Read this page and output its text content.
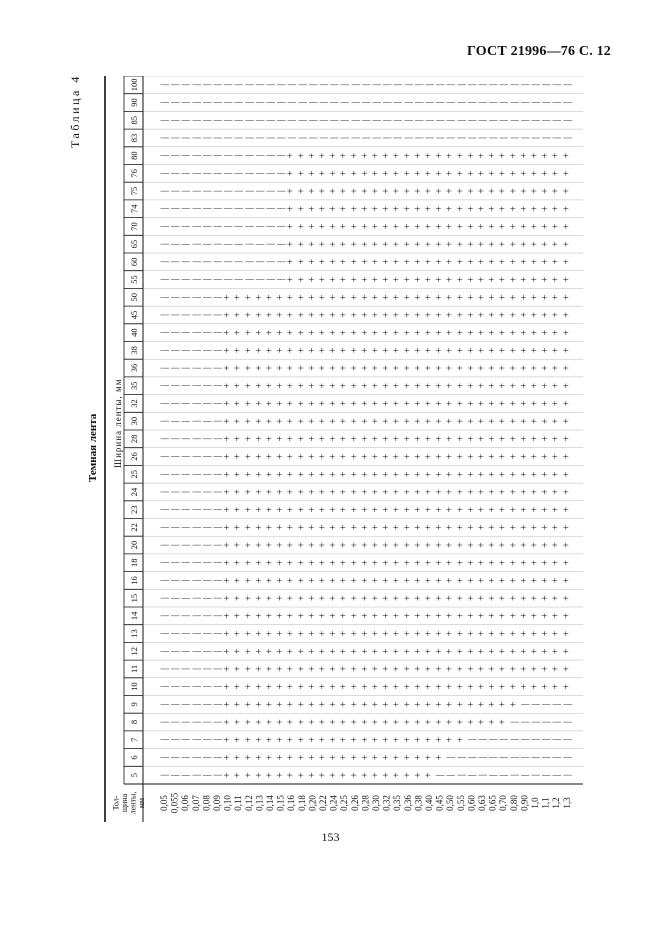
ГОСТ 21996—76 С. 12
Таблица 4
Темная лента Ширина ленты, мм
5
6
7
8
9
10
11
12
13
14
15
16
18
20
22
23
24
25
26
28
30
32
35
36
38
40
45
50
55
60
65
70
74
75
76
80
83
85
90
100
Тол- щина ленты, мм 0,05 0,055 0,06 0,07 0,08 0,09 0,10 0,11 0,12 0,13 0,14 0,15 0,16 0,18 0,20 0,22 0,24 0,25 0,26 0,28 0,30 0,32 0,35 0,36 0,38 0,40 0,45 0,50 0,55 0,60 0,63 0,65 0,70 0,80 0,90 1,0 1,1 1,2 1,3
| | | | | | + + + + + + + + + + + + + + + + + + + + | | | | | | | | | | | | |
| | | | | | + + + + + + + + + + + + + + + + + + + + + | | | | | | | | | | | |
| | | | | | + + + + + + + + + + + + + + + + + + + + + + + | | | | | | | | | |
| | | | | | + + + + + + + + + + + + + + + + + + + + + + + + + + + | | | | | |
| | | | | | + + + + + + + + + + + + + + + + + + + + + + + + + + + + | | | | |
| | | | | | + + + + + + + + + + + + + + + + + + + + + + + + + + + + + + + + +
| | | | | | + + + + + + + + + + + + + + + + + + + + + + + + + + + + + + + + +
| | | | | | + + + + + + + + + + + + + + + + + + + + + + + + + + + + + + + + +
| | | | | | + + + + + + + + + + + + + + + + + + + + + + + + + + + + + + + + +
| | | | | | + + + + + + + + + + + + + + + + + + + + + + + + + + + + + + + + +
| | | | | | + + + + + + + + + + + + + + + + + + + + + + + + + + + + + + + + +
| | | | | | + + + + + + + + + + + + + + + + + + + + + + + + + + + + + + + + +
| | | | | | + + + + + + + + + + + + + + + + + + + + + + + + + + + + + + + + +
| | | | | | + + + + + + + + + + + + + + + + + + + + + + + + + + + + + + + + +
| | | | | | + + + + + + + + + + + + + + + + + + + + + + + + + + + + + + + + +
| | | | | | + + + + + + + + + + + + + + + + + + + + + + + + + + + + + + + + +
| | | | | | + + + + + + + + + + + + + + + + + + + + + + + + + + + + + + + + +
| | | | | | + + + + + + + + + + + + + + + + + + + + + + + + + + + + + + + + +
| | | | | | + + + + + + + + + + + + + + + + + + + + + + + + + + + + + + + + +
| | | | | | + + + + + + + + + + + + + + + + + + + + + + + + + + + + + + + + +
| | | | | | + + + + + + + + + + + + + + + + + + + + + + + + + + + + + + + + +
| | | | | | + + + + + + + + + + + + + + + + + + + + + + + + + + + + + + + + +
| | | | | | + + + + + + + + + + + + + + + + + + + + + + + + + + + + + + + + +
| | | | | | + + + + + + + + + + + + + + + + + + + + + + + + + + + + + + + + +
| | | | | | + + + + + + + + + + + + + + + + + + + + + + + + + + + + + + + + +
| | | | | | + + + + + + + + + + + + + + + + + + + + + + + + + + + + + + + + +
| | | | | | + + + + + + + + + + + + + + + + + + + + + + + + + + + + + + + + +
| | | | | | + + + + + + + + + + + + + + + + + + + + + + + + + + + + + + + + +
| | | | | | | | | | | | + + + + + + + + + + + + + + + + + + + + + + + + + + +
| | | | | | | | | | | | + + + + + + + + + + + + + + + + + + + + + + + + + + +
| | | | | | | | | | | | + + + + + + + + + + + + + + + + + + + + + + + + + + +
| | | | | | | | | | | | + + + + + + + + + + + + + + + + + + + + + + + + + + +
| | | | | | | | | | | | + + + + + + + + + + + + + + + + + + + + + + + + + + +
| | | | | | | | | | | | + + + + + + + + + + + + + + + + + + + + + + + + + + +
| | | | | | | | | | | | + + + + + + + + + + + + + + + + + + + + + + + + + + +
| | | | | | | | | | | | + + + + + + + + + + + + + + + + + + + + + + + + + + +
| | | | | | | | | | | | | | | | | | | | | | | | | | | | | | | | | | | | | | |
| | | | | | | | | | | | | | | | | | | | | | | | | | | | | | | | | | | | | | |
| | | | | | | | | | | | | | | | | | | | | | | | | | | | | | | | | | | | | | |
| | | | | | | | | | | | | | | | | | | | | | | | | | | | | | | | | | | | | | |
153
